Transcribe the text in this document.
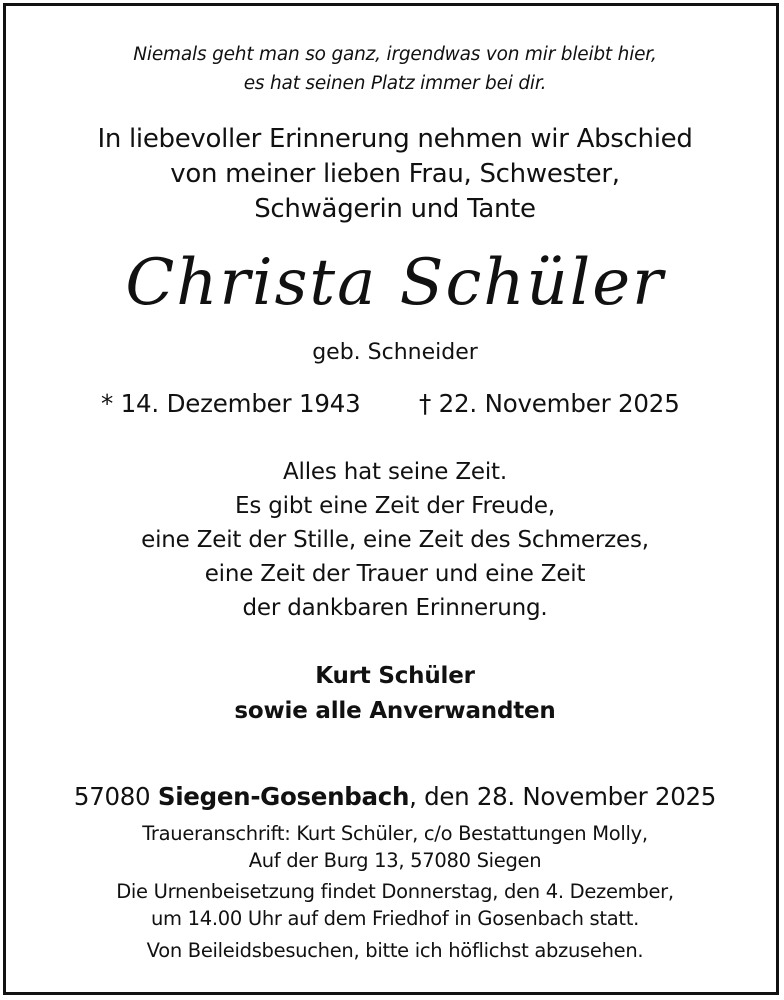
Niemals geht man so ganz, irgendwas von mir bleibt hier,
es hat seinen Platz immer bei dir.
In liebevoller Erinnerung nehmen wir Abschied
von meiner lieben Frau, Schwester,
Schwägerin und Tante
Christa Schüler
geb. Schneider
* 14. Dezember 1943 † 22. November 2025
Alles hat seine Zeit.
Es gibt eine Zeit der Freude,
eine Zeit der Stille, eine Zeit des Schmerzes,
eine Zeit der Trauer und eine Zeit
der dankbaren Erinnerung.
Kurt Schüler
sowie alle Anverwandten
57080 Siegen-Gosenbach, den 28. November 2025
Traueranschrift: Kurt Schüler, c/o Bestattungen Molly,
Auf der Burg 13, 57080 Siegen
Die Urnenbeisetzung findet Donnerstag, den 4. Dezember,
um 14.00 Uhr auf dem Friedhof in Gosenbach statt.
Von Beileidsbesuchen, bitte ich höflichst abzusehen.
